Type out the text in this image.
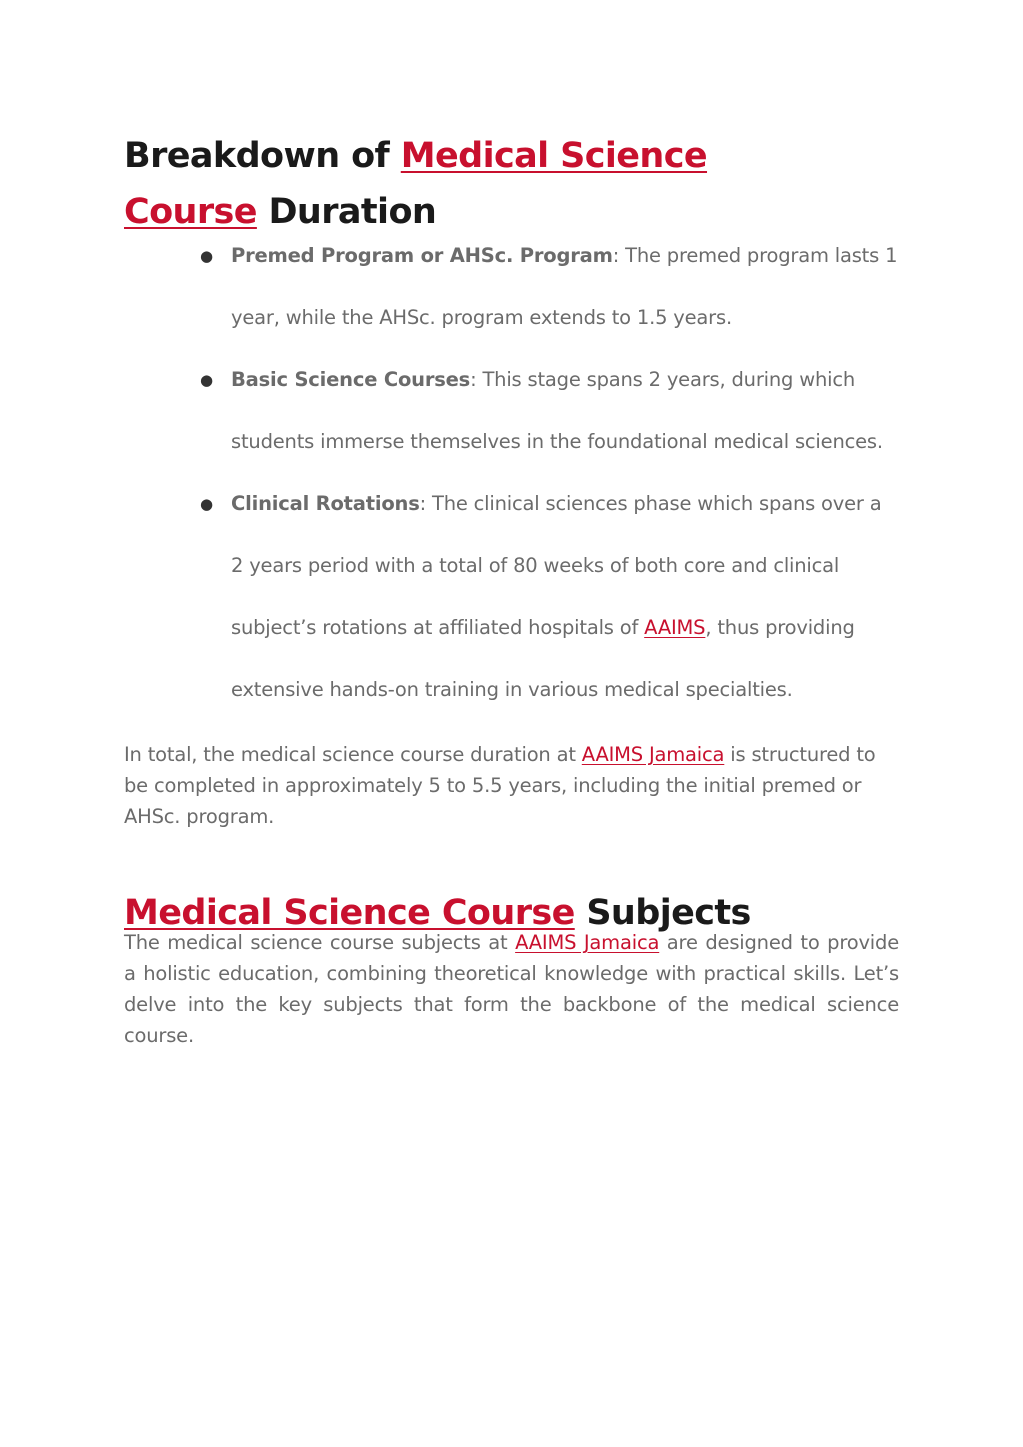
Breakdown of Medical Science Course Duration
● Premed Program or AHSc. Program: The premed program lasts 1 year, while the AHSc. program extends to 1.5 years.
● Basic Science Courses: This stage spans 2 years, during which students immerse themselves in the foundational medical sciences.
● Clinical Rotations: The clinical sciences phase which spans over a 2 years period with a total of 80 weeks of both core and clinical subject’s rotations at affiliated hospitals of AAIMS, thus providing extensive hands-on training in various medical specialties.

In total, the medical science course duration at AAIMS Jamaica is structured to be completed in approximately 5 to 5.5 years, including the initial premed or AHSc. program.

Medical Science Course Subjects

The medical science course subjects at AAIMS Jamaica are designed to provide a holistic education, combining theoretical knowledge with practical skills. Let’s delve into the key subjects that form the backbone of the medical science course.
